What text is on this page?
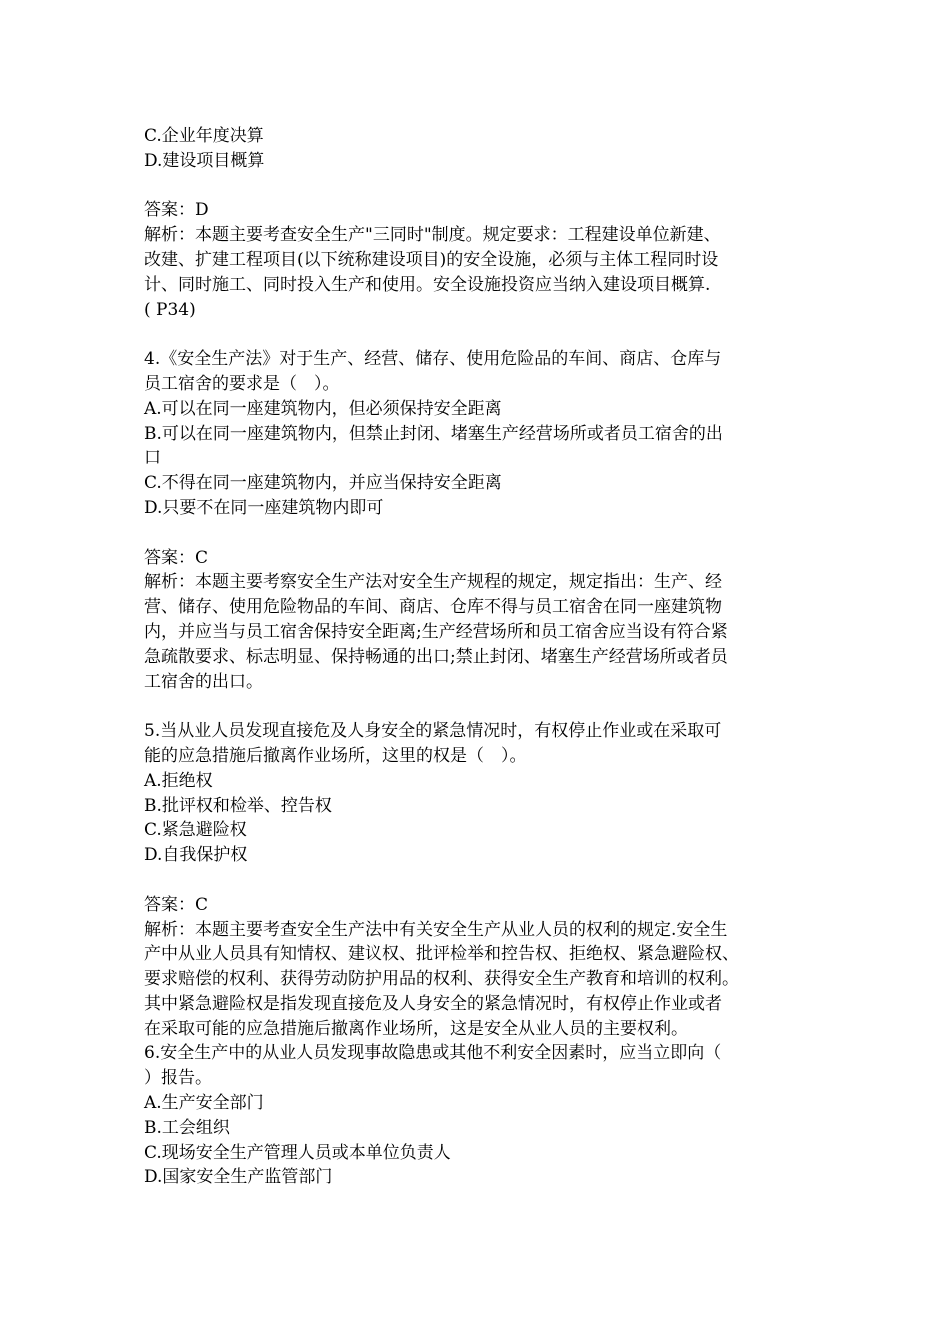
C.企业年度决算
D.建设项目概算
答案：D
解析：本题主要考查安全生产"三同时"制度。规定要求：工程建设单位新建、
改建、扩建工程项目(以下统称建设项目)的安全设施，必须与主体工程同时设
计、同时施工、同时投入生产和使用。安全设施投资应当纳入建设项目概算.
( P34)
4.《安全生产法》对于生产、经营、储存、使用危险品的车间、商店、仓库与
员工宿舍的要求是（　）。
A.可以在同一座建筑物内，但必须保持安全距离
B.可以在同一座建筑物内，但禁止封闭、堵塞生产经营场所或者员工宿舍的出
口
C.不得在同一座建筑物内，并应当保持安全距离
D.只要不在同一座建筑物内即可
答案：C
解析：本题主要考察安全生产法对安全生产规程的规定，规定指出：生产、经
营、储存、使用危险物品的车间、商店、仓库不得与员工宿舍在同一座建筑物
内，并应当与员工宿舍保持安全距离;生产经营场所和员工宿舍应当设有符合紧
急疏散要求、标志明显、保持畅通的出口;禁止封闭、堵塞生产经营场所或者员
工宿舍的出口。
5.当从业人员发现直接危及人身安全的紧急情况时，有权停止作业或在采取可
能的应急措施后撤离作业场所，这里的权是（　）。
A.拒绝权
B.批评权和检举、控告权
C.紧急避险权
D.自我保护权
答案：C
解析：本题主要考查安全生产法中有关安全生产从业人员的权利的规定.安全生
产中从业人员具有知情权、建议权、批评检举和控告权、拒绝权、紧急避险权、
要求赔偿的权利、获得劳动防护用品的权利、获得安全生产教育和培训的权利。
其中紧急避险权是指发现直接危及人身安全的紧急情况时，有权停止作业或者
在采取可能的应急措施后撤离作业场所，这是安全从业人员的主要权利。
6.安全生产中的从业人员发现事故隐患或其他不利安全因素时，应当立即向（
）报告。
A.生产安全部门
B.工会组织
C.现场安全生产管理人员或本单位负责人
D.国家安全生产监管部门
